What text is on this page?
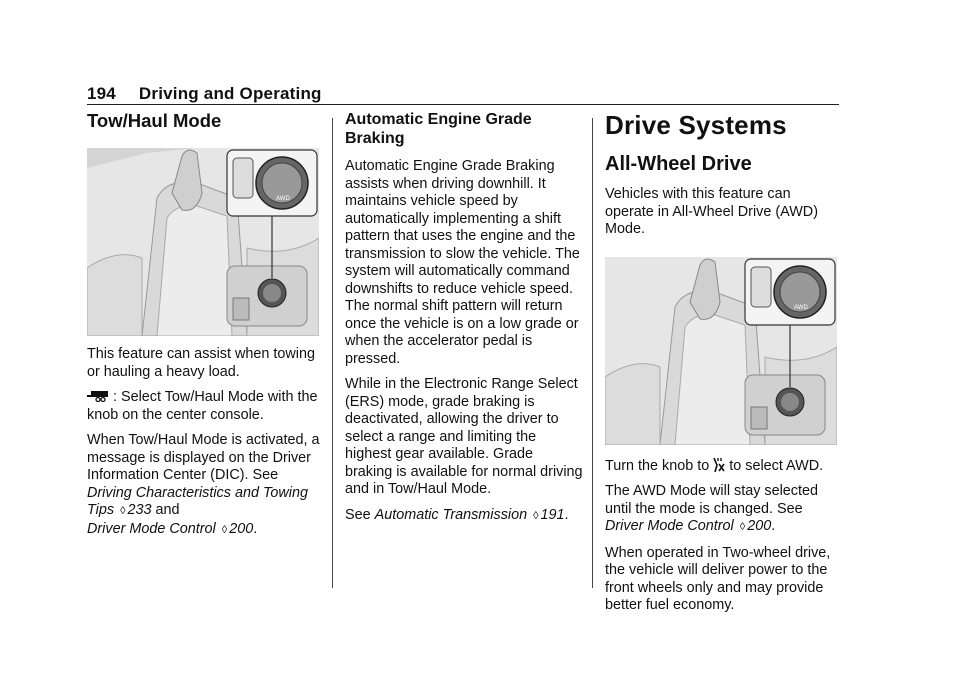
194 Driving and Operating
Tow/Haul Mode
AWD

This feature can assist when towing or hauling a heavy load.

: Select Tow/Haul Mode with the knob on the center console.

When Tow/Haul Mode is activated, a message is displayed on the Driver Information Center (DIC). See Driving Characteristics and Towing Tips ◊ 233 and
Driver Mode Control ◊ 200.

Automatic Engine Grade Braking

Automatic Engine Grade Braking assists when driving downhill. It maintains vehicle speed by automatically implementing a shift pattern that uses the engine and the transmission to slow the vehicle. The system will automatically command downshifts to reduce vehicle speed. The normal shift pattern will return once the vehicle is on a low grade or when the accelerator pedal is pressed.

While in the Electronic Range Select (ERS) mode, grade braking is deactivated, allowing the driver to select a range and limiting the highest gear available. Grade braking is available for normal driving and in Tow/Haul Mode.

See Automatic Transmission ◊ 191.

Drive Systems
All-Wheel Drive

Vehicles with this feature can operate in All-Wheel Drive (AWD) Mode.

AWD

Turn the knob to to select AWD.

The AWD Mode will stay selected until the mode is changed. See Driver Mode Control ◊ 200.

When operated in Two-wheel drive, the vehicle will deliver power to the front wheels only and may provide better fuel economy.
